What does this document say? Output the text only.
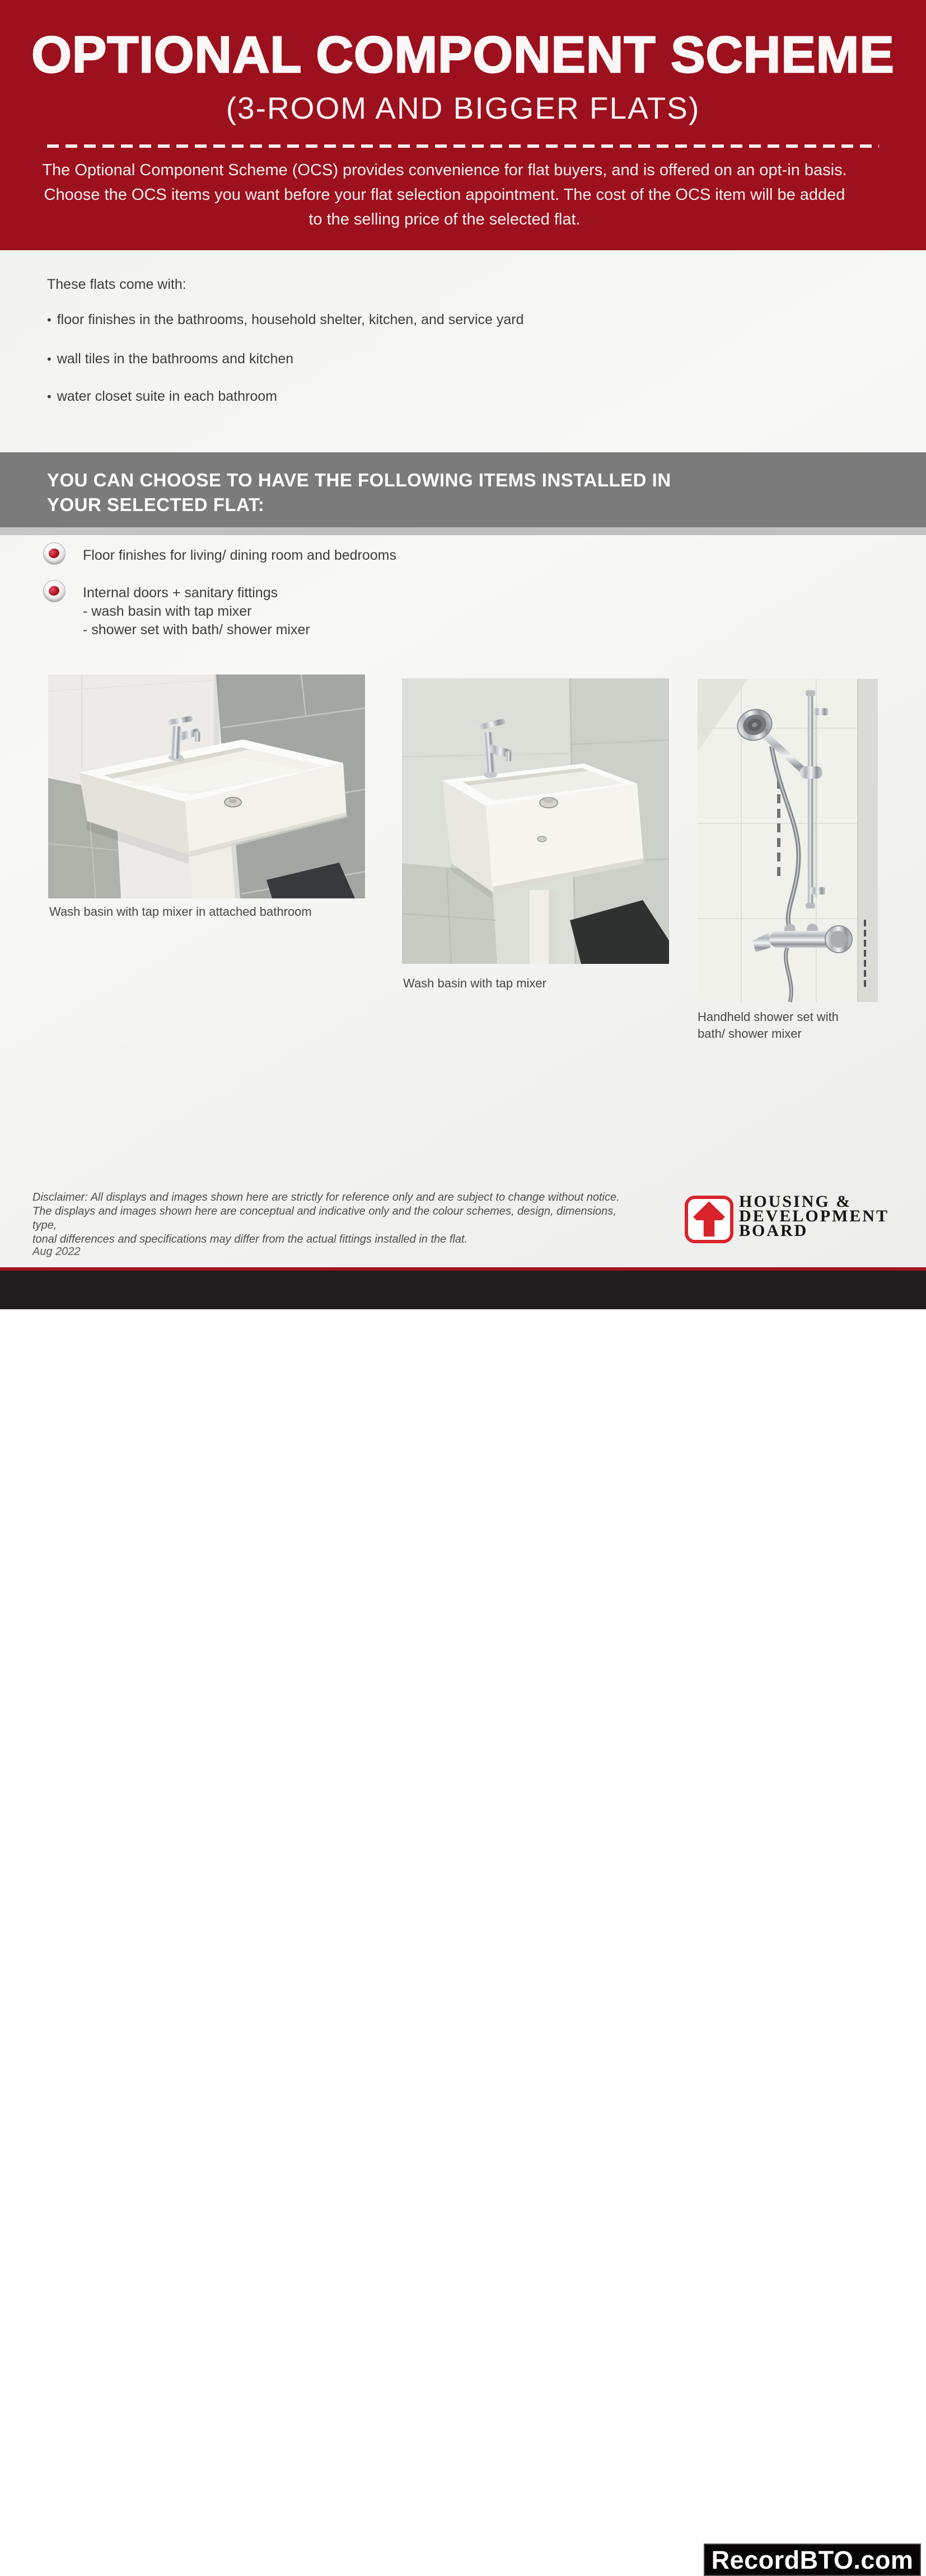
OPTIONAL COMPONENT SCHEME
(3-ROOM AND BIGGER FLATS)
The Optional Component Scheme (OCS) provides convenience for flat buyers, and is offered on an opt-in basis. Choose the OCS items you want before your flat selection appointment. The cost of the OCS item will be added to the selling price of the selected flat.
These flats come with:
• floor finishes in the bathrooms, household shelter, kitchen, and service yard
• wall tiles in the bathrooms and kitchen
• water closet suite in each bathroom
YOU CAN CHOOSE TO HAVE THE FOLLOWING ITEMS INSTALLED IN
YOUR SELECTED FLAT:
Floor finishes for living/ dining room and bedrooms
Internal doors + sanitary fittings
- wash basin with tap mixer
- shower set with bath/ shower mixer
Wash basin with tap mixer in attached bathroom
Wash basin with tap mixer
Handheld shower set with
bath/ shower mixer
Disclaimer: All displays and images shown here are strictly for reference only and are subject to change without notice.
The displays and images shown here are conceptual and indicative only and the colour schemes, design, dimensions, type,
tonal differences and specifications may differ from the actual fittings installed in the flat.
Aug 2022
HOUSING &
DEVELOPMENT
BOARD
RecordBTO.com
